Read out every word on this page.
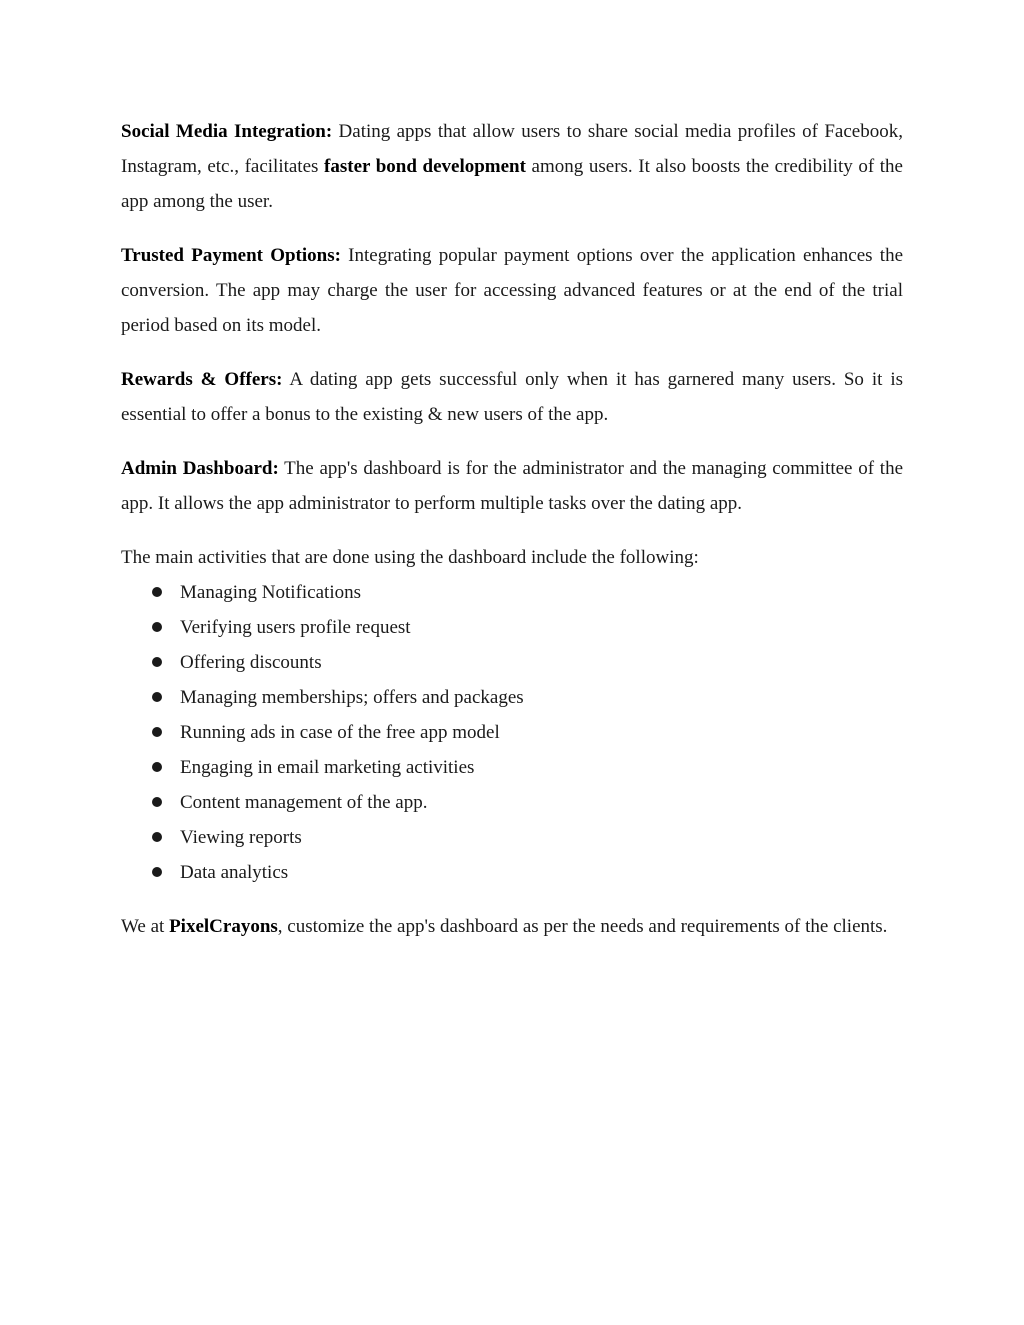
Social Media Integration: Dating apps that allow users to share social media profiles of Facebook, Instagram, etc., facilitates faster bond development among users. It also boosts the credibility of the app among the user.

Trusted Payment Options: Integrating popular payment options over the application enhances the conversion. The app may charge the user for accessing advanced features or at the end of the trial period based on its model.

Rewards & Offers: A dating app gets successful only when it has garnered many users. So it is essential to offer a bonus to the existing & new users of the app.

Admin Dashboard: The app's dashboard is for the administrator and the managing committee of the app. It allows the app administrator to perform multiple tasks over the dating app.

The main activities that are done using the dashboard include the following:

Managing Notifications
Verifying users profile request
Offering discounts
Managing memberships; offers and packages
Running ads in case of the free app model
Engaging in email marketing activities
Content management of the app.
Viewing reports
Data analytics

We at PixelCrayons, customize the app's dashboard as per the needs and requirements of the clients.
